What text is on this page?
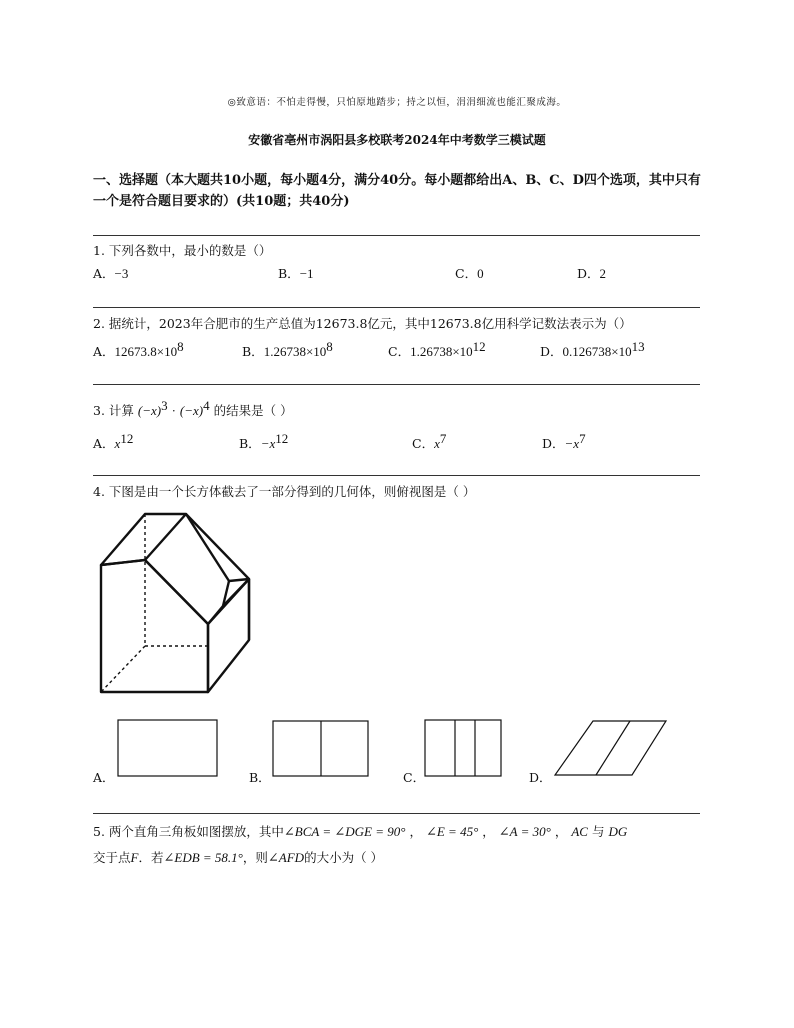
◎致意语：不怕走得慢，只怕原地踏步；持之以恒，涓涓细流也能汇聚成海。
安徽省亳州市涡阳县多校联考2024年中考数学三模试题
一、选择题（本大题共10小题，每小题4分，满分40分。每小题都给出A、B、C、D四个选项，其中只有一个是符合题目要求的）(共10题；共40分)
1. 下列各数中，最小的数是（）
A．−3	B．−1	C．0	D．2
2. 据统计，2023年合肥市的生产总值为12673.8亿元，其中12673.8亿用科学记数法表示为（）
A．$12673.8\times 10^8$	B．$1.26738\times 10^8$	C．$1.26738\times 10^{12}$	D．$0.126738\times 10^{13}$
3. 计算 $(-x)^3 \cdot (-x)^4$ 的结果是（ ）
A．$x^{12}$	B．$-x^{12}$	C．$x^7$	D．$-x^7$
4. 下图是由一个长方体截去了一部分得到的几何体，则俯视图是（ ）
A．	B．	C．	D．
5. 两个直角三角板如图摆放，其中∠BCA = ∠DGE = 90° ， ∠E = 45° ， ∠A = 30° ， AC 与 DG
交于点F．若∠EDB = 58.1°，则∠AFD的大小为（ ）
